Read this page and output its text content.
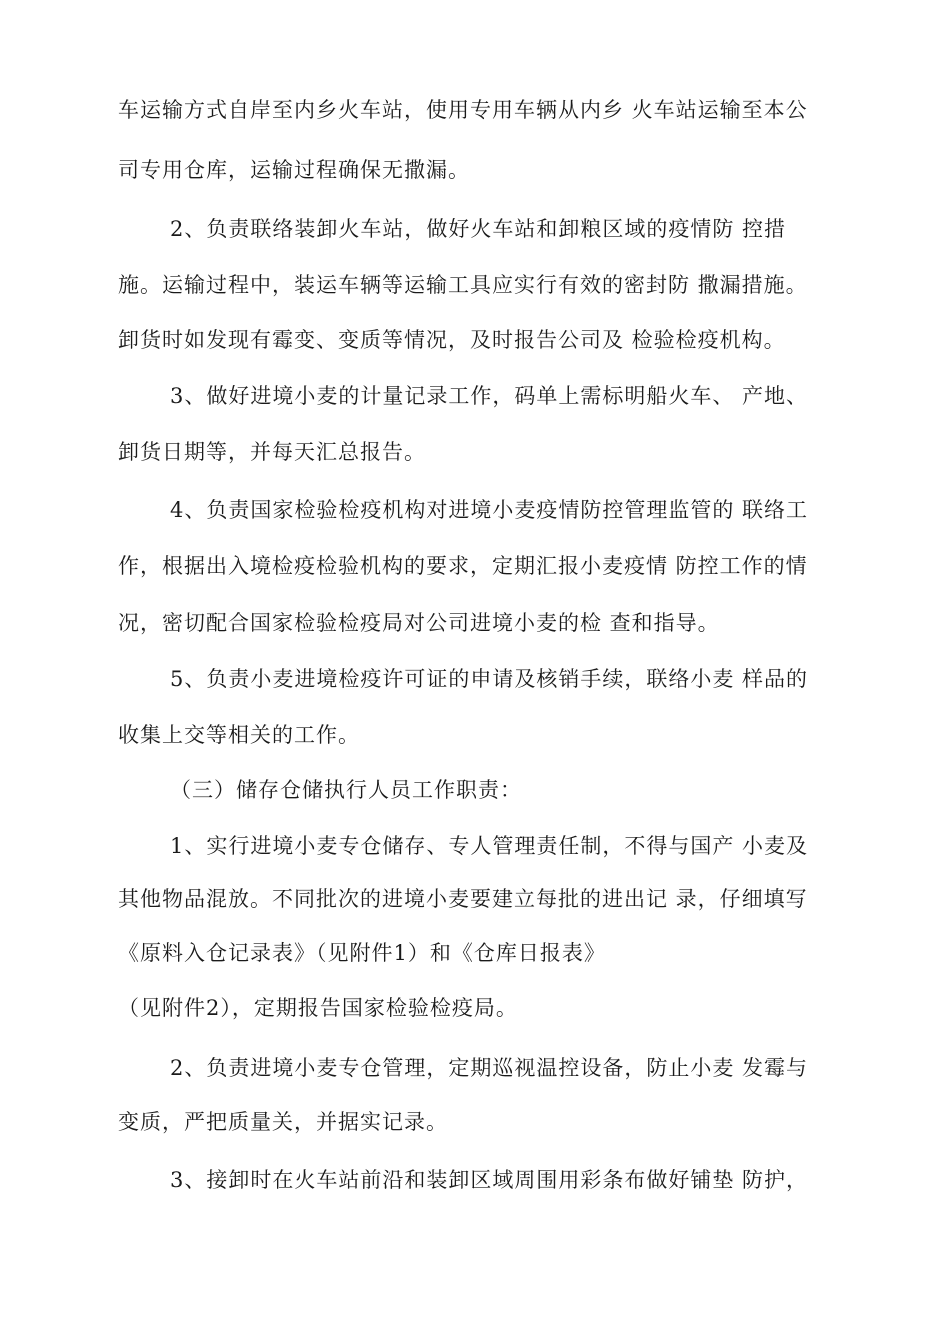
车运输方式自岸至内乡火车站，使用专用车辆从内乡 火车站运输至本公
司专用仓库，运输过程确保无撒漏。
2、负责联络装卸火车站，做好火车站和卸粮区域的疫情防 控措
施。运输过程中，装运车辆等运输工具应实行有效的密封防 撒漏措施。
卸货时如发现有霉变、变质等情况，及时报告公司及 检验检疫机构。
3、做好进境小麦的计量记录工作，码单上需标明船火车、 产地、
卸货日期等，并每天汇总报告。
4、负责国家检验检疫机构对进境小麦疫情防控管理监管的 联络工
作，根据出入境检疫检验机构的要求，定期汇报小麦疫情 防控工作的情
况，密切配合国家检验检疫局对公司进境小麦的检 查和指导。
5、负责小麦进境检疫许可证的申请及核销手续，联络小麦 样品的
收集上交等相关的工作。
（三）储存仓储执行人员工作职责：
1、实行进境小麦专仓储存、专人管理责任制，不得与国产 小麦及
其他物品混放。不同批次的进境小麦要建立每批的进出记 录，仔细填写
《原料入仓记录表》（见附件1）和《仓库日报表》
（见附件2），定期报告国家检验检疫局。
2、负责进境小麦专仓管理，定期巡视温控设备，防止小麦 发霉与
变质，严把质量关，并据实记录。
3、接卸时在火车站前沿和装卸区域周围用彩条布做好铺垫 防护，
